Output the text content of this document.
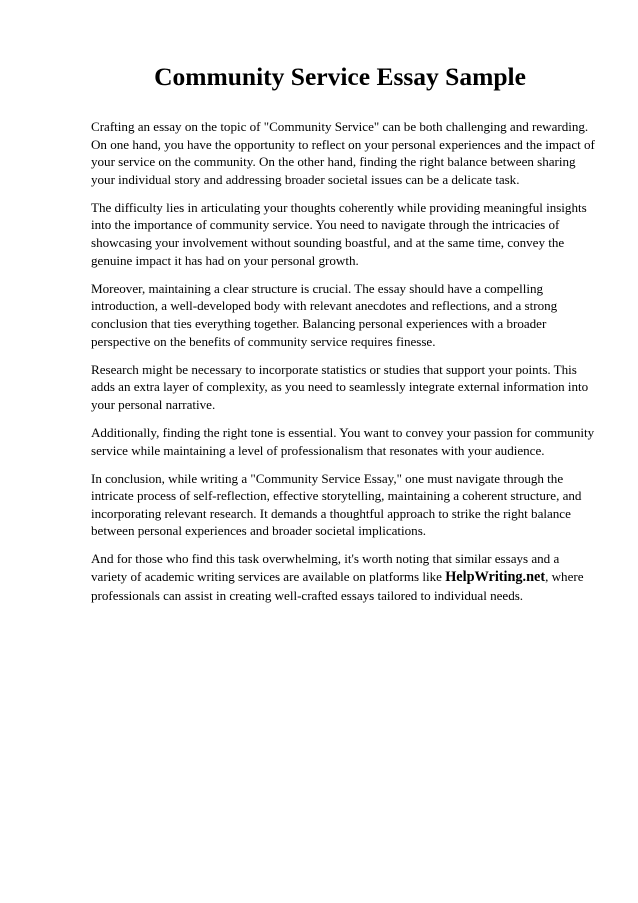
Community Service Essay Sample

Crafting an essay on the topic of "Community Service" can be both challenging and rewarding. On one hand, you have the opportunity to reflect on your personal experiences and the impact of your service on the community. On the other hand, finding the right balance between sharing your individual story and addressing broader societal issues can be a delicate task.

The difficulty lies in articulating your thoughts coherently while providing meaningful insights into the importance of community service. You need to navigate through the intricacies of showcasing your involvement without sounding boastful, and at the same time, convey the genuine impact it has had on your personal growth.

Moreover, maintaining a clear structure is crucial. The essay should have a compelling introduction, a well-developed body with relevant anecdotes and reflections, and a strong conclusion that ties everything together. Balancing personal experiences with a broader perspective on the benefits of community service requires finesse.

Research might be necessary to incorporate statistics or studies that support your points. This adds an extra layer of complexity, as you need to seamlessly integrate external information into your personal narrative.

Additionally, finding the right tone is essential. You want to convey your passion for community service while maintaining a level of professionalism that resonates with your audience.

In conclusion, while writing a "Community Service Essay," one must navigate through the intricate process of self-reflection, effective storytelling, maintaining a coherent structure, and incorporating relevant research. It demands a thoughtful approach to strike the right balance between personal experiences and broader societal implications.

And for those who find this task overwhelming, it's worth noting that similar essays and a variety of academic writing services are available on platforms like HelpWriting.net, where professionals can assist in creating well-crafted essays tailored to individual needs.
